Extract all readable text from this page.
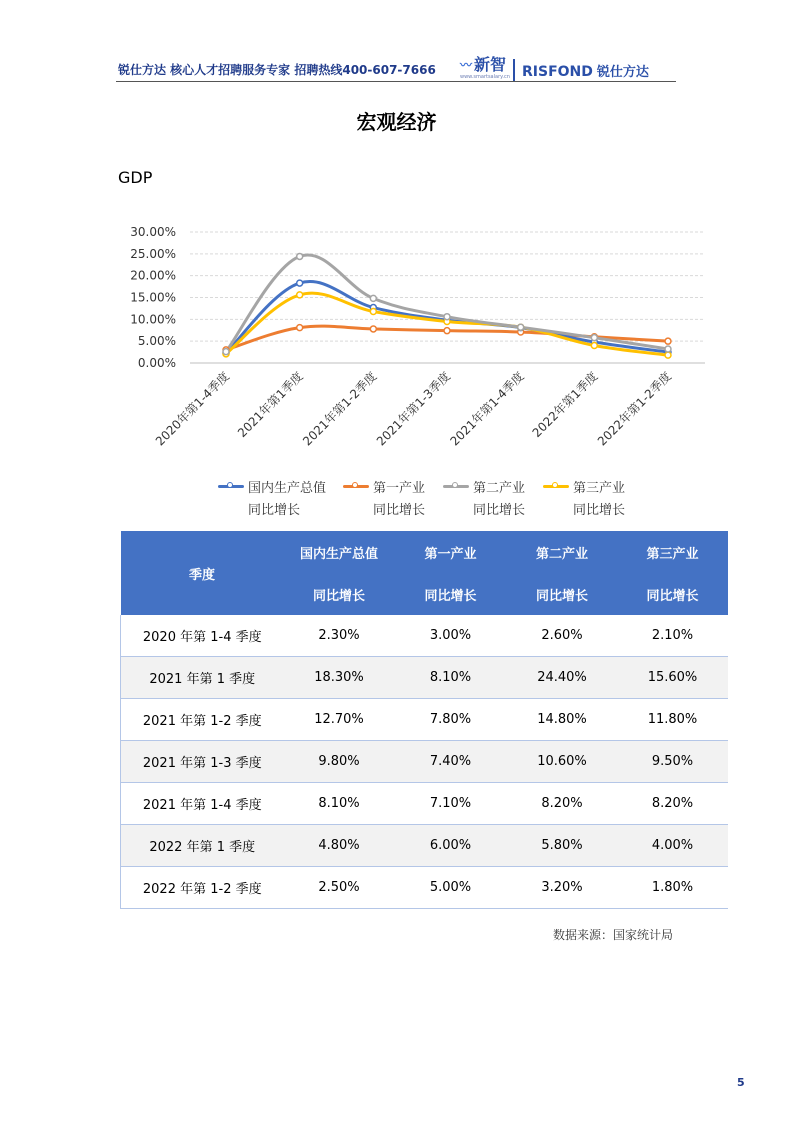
锐仕方达 核心人才招聘服务专家 招聘热线400-607-7666 〰 新智
www.smartsalary.cn RISFOND 锐仕方达
宏观经济
GDP
0.00%
5.00%
10.00%
15.00%
20.00%
25.00%
30.00%
2020年第1-4季度 2021年第1季度
2021年第1-2季度
2021年第1-3季度
2021年第1-4季度 2022年第1季度
2022年第1-2季度
国内生产总值
同比增长
第一产业
同比增长
第二产业
同比增长
第三产业
同比增长
季度	国内生产总值	第一产业	第二产业	第三产业
	同比增长	同比增长	同比增长	同比增长
2020 年第 1-4 季度	2.30%	3.00%	2.60%	2.10%
2021 年第 1 季度	18.30%	8.10%	24.40%	15.60%
2021 年第 1-2 季度	12.70%	7.80%	14.80%	11.80%
2021 年第 1-3 季度	9.80%	7.40%	10.60%	9.50%
2021 年第 1-4 季度	8.10%	7.10%	8.20%	8.20%
2022 年第 1 季度	4.80%	6.00%	5.80%	4.00%
2022 年第 1-2 季度	2.50%	5.00%	3.20%	1.80%
数据来源：国家统计局
5
